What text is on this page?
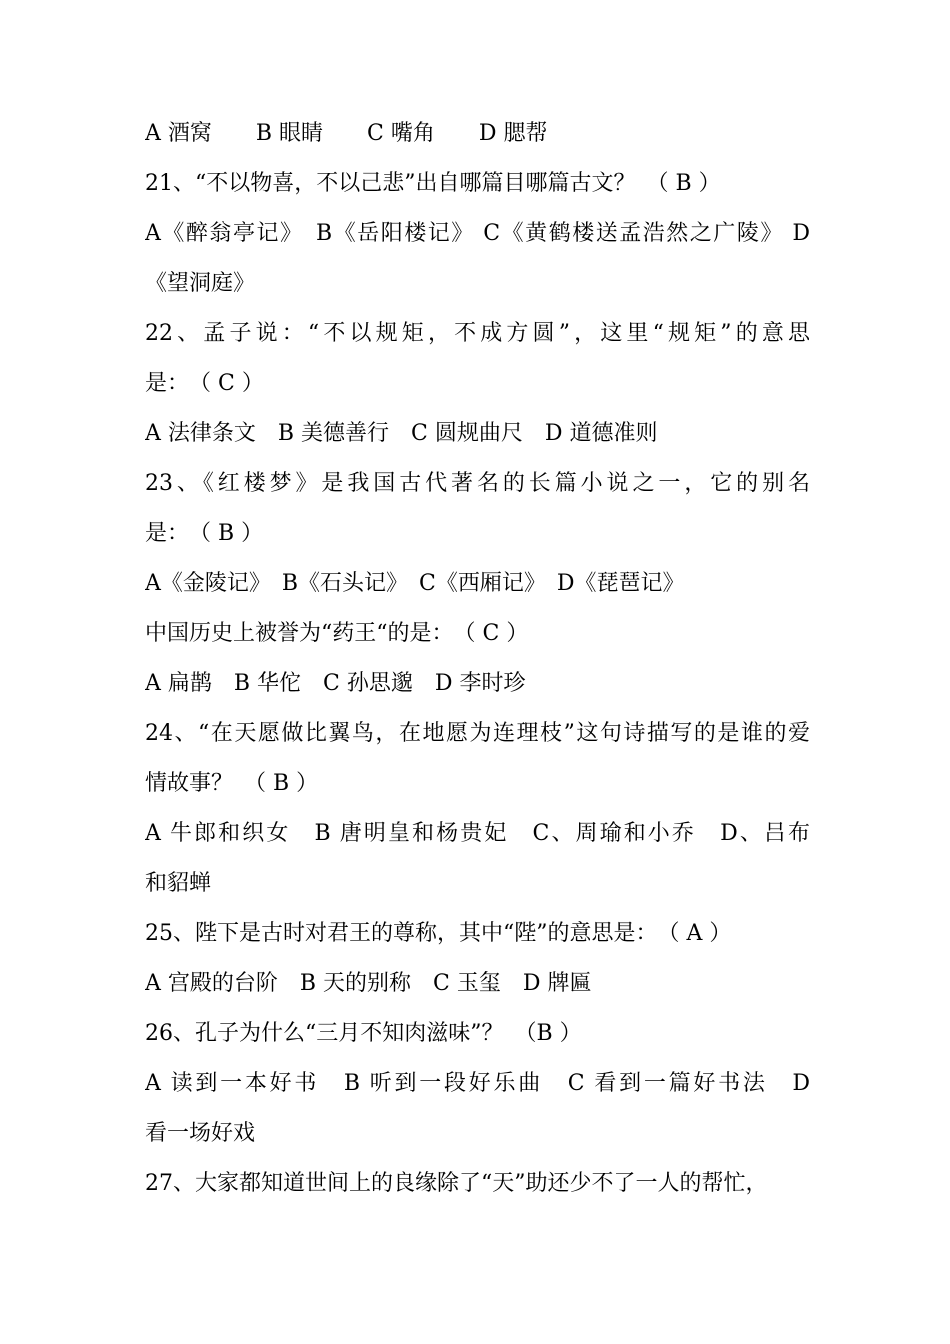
A 酒窝　　B 眼睛　　C 嘴角　　D 腮帮
21、“不以物喜，不以己悲”出自哪篇目哪篇古文？　（ B ）
A《醉翁亭记》　B《岳阳楼记》 C《黄鹤楼送孟浩然之广陵》 D
《望洞庭》
22、孟子说：“不以规矩，不成方圆”，这里“规矩”的意思
是：　（ C ）
A 法律条文　B 美德善行　C 圆规曲尺　D 道德准则
23、《红楼梦》是我国古代著名的长篇小说之一，它的别名
是：　（ B ）
A《金陵记》　B《石头记》　C《西厢记》　D《琵琶记》
中国历史上被誉为“药王“的是：　（ C ）
A 扁鹊　B 华佗　C 孙思邈　D 李时珍
24、“在天愿做比翼鸟，在地愿为连理枝”这句诗描写的是谁的爱
情故事？　（ B ）
A 牛郎和织女　B 唐明皇和杨贵妃　C、周瑜和小乔　D、吕布
和貂蝉
25、陛下是古时对君王的尊称，其中“陛”的意思是：　（ A ）
A 宫殿的台阶　B 天的别称　C 玉玺　D 牌匾
26、孔子为什么“三月不知肉滋味”？　（B ）
A 读到一本好书　B 听到一段好乐曲　C 看到一篇好书法　D
看一场好戏
27、大家都知道世间上的良缘除了“天”助还少不了一人的帮忙，
